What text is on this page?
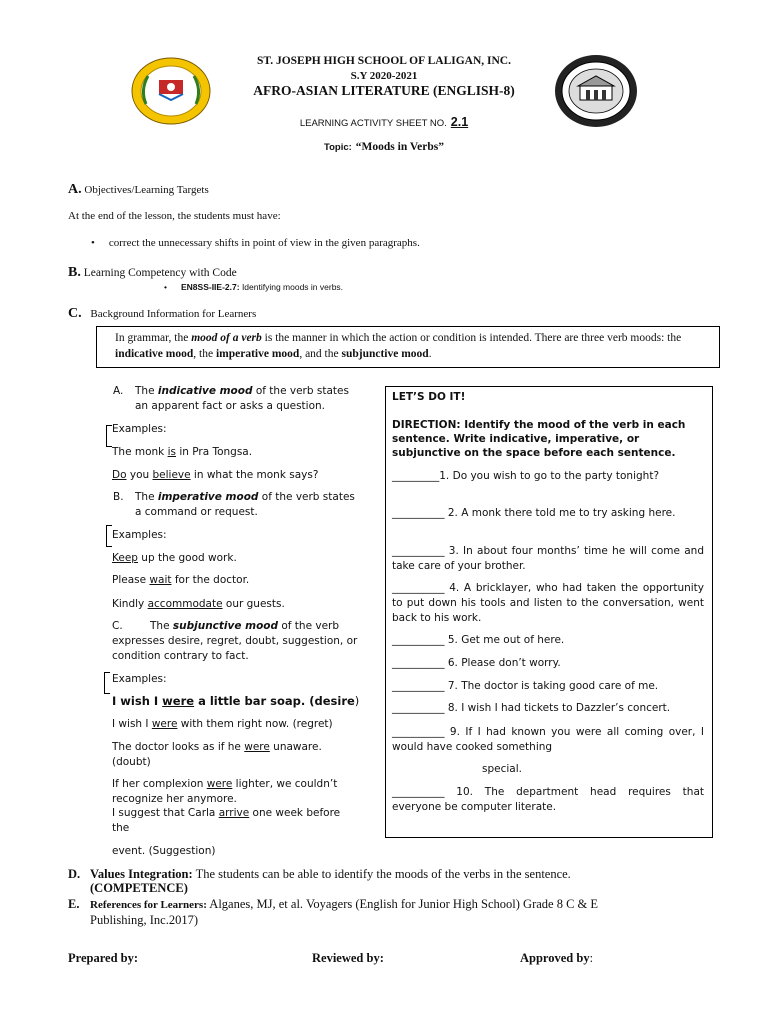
ST. JOSEPH HIGH SCHOOL OF LALIGAN, INC.
S.Y 2020-2021
AFRO-ASIAN LITERATURE (ENGLISH-8)
LEARNING ACTIVITY SHEET NO. 2.1
Topic: “Moods in Verbs”
A. Objectives/Learning Targets
At the end of the lesson, the students must have:
• correct the unnecessary shifts in point of view in the given paragraphs.
B. Learning Competency with Code
• EN8SS-IIE-2.7: Identifying moods in verbs.
C. Background Information for Learners
In grammar, the mood of a verb is the manner in which the action or condition is intended. There are three verb moods: the indicative mood, the imperative mood, and the subjunctive mood.
A. The indicative mood of the verb states
an apparent fact or asks a question.
Examples:
The monk is in Pra Tongsa.
Do you believe in what the monk says?
B. The imperative mood of the verb states
a command or request.
Examples:
Keep up the good work.
Please wait for the doctor.
Kindly accommodate our guests.
C.	The subjunctive mood of the verb
expresses desire, regret, doubt, suggestion, or
condition contrary to fact.
Examples:
I wish I were a little bar soap. (desire)
I wish I were with them right now. (regret)
The doctor looks as if he were unaware.
(doubt)
If her complexion were lighter, we couldn’t
recognize her anymore.
I suggest that Carla arrive one week before
the
event. (Suggestion)
LET’S DO IT!
DIRECTION: Identify the mood of the verb in each sentence. Write indicative, imperative, or subjunctive on the space before each sentence.
_________1. Do you wish to go to the party tonight?
__________ 2. A monk there told me to try asking here.
__________ 3. In about four months’ time he will come and take care of your brother.
__________ 4. A bricklayer, who had taken the opportunity to put down his tools and listen to the conversation, went back to his work.
__________ 5. Get me out of here.
__________ 6. Please don’t worry.
__________ 7. The doctor is taking good care of me.
__________ 8. I wish I had tickets to Dazzler’s concert.
__________ 9. If I had known you were all coming over, I would have cooked something
special.
__________ 10. The department head requires that everyone be computer literate.
D. Values Integration: The students can be able to identify the moods of the verbs in the sentence.
(COMPETENCE)
E. References for Learners: Alganes, MJ, et al. Voyagers (English for Junior High School) Grade 8 C & E
Publishing, Inc.2017)
Prepared by:	Reviewed by:	Approved by:
